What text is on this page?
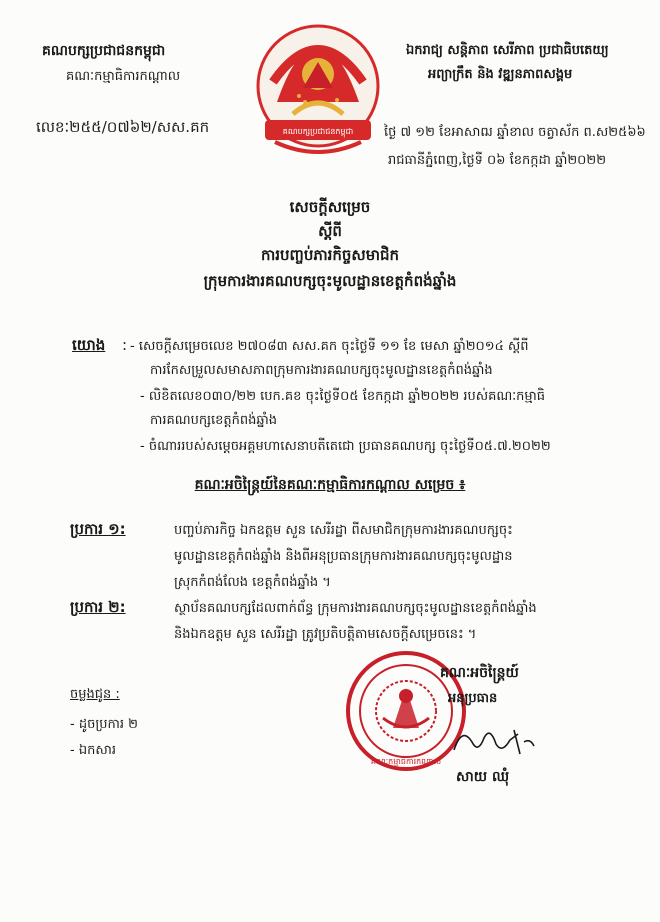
គណបក្សប្រជាជនកម្ពុជា
គណៈកម្មាធិការកណ្តាល
លេខៈ២៥៥/០៧៦២/សស.គក	គណបក្សប្រជាជនកម្ពុជា
ឯករាជ្យ សន្តិភាព សេរីភាព ប្រជាធិបតេយ្យ
អព្យាក្រឹត និង វឌ្ឍនភាពសង្គម
ថ្ងៃ ៧ ១២ ខែអាសាឍ ឆ្នាំខាល ចត្វាស័ក ព.ស២៥៦៦
រាជធានីភ្នំពេញ,ថ្ងៃទី ០៦ ខែកក្កដា ឆ្នាំ២០២២
សេចក្តីសម្រេច
ស្តីពី
ការបញ្ចប់ភារកិច្ចសមាជិក
ក្រុមការងារគណបក្សចុះមូលដ្ឋានខេត្តកំពង់ឆ្នាំង
យោង : - សេចក្តីសម្រេចលេខ ២៧០៨៣ សស.គក ចុះថ្ងៃទី ១១ ខែ មេសា ឆ្នាំ២០១៤ ស្តីពី
ការកែសម្រួលសមាសភាពក្រុមការងារគណបក្សចុះមូលដ្ឋានខេត្តកំពង់ឆ្នាំង
- លិខិតលេខ០៣០/២២ បេក.គខ ចុះថ្ងៃទី០៥ ខែកក្កដា ឆ្នាំ២០២២ របស់គណៈកម្មាធិ
ការគណបក្សខេត្តកំពង់ឆ្នាំង
- ចំណាររបស់សម្តេចអគ្គមហាសេនាបតីតេជោ ប្រធានគណបក្ស ចុះថ្ងៃទី០៥.៧.២០២២
គណៈអចិន្ត្រៃយ៍នៃគណៈកម្មាធិការកណ្តាល សម្រេច ៖
ប្រការ ១:	បញ្ចប់ភារកិច្ច ឯកឧត្តម សួន សេរីរដ្ឋា ពីសមាជិកក្រុមការងារគណបក្សចុះ
មូលដ្ឋានខេត្តកំពង់ឆ្នាំង និងពីអនុប្រធានក្រុមការងារគណបក្សចុះមូលដ្ឋាន
ស្រុកកំពង់លែង ខេត្តកំពង់ឆ្នាំង ។
ប្រការ ២:	ស្ថាប័នគណបក្សដែលពាក់ព័ន្ធ ក្រុមការងារគណបក្សចុះមូលដ្ឋានខេត្តកំពង់ឆ្នាំង
និងឯកឧត្តម សួន សេរីរដ្ឋា ត្រូវប្រតិបត្តិតាមសេចក្តីសម្រេចនេះ ។
គណៈកម្មាធិការកណ្តាល
គណៈអចិន្ត្រៃយ៍
អនុប្រធាន
សាយ ឈុំ
ចម្លងជូន :
- ដូចប្រការ ២
- ឯកសារ
